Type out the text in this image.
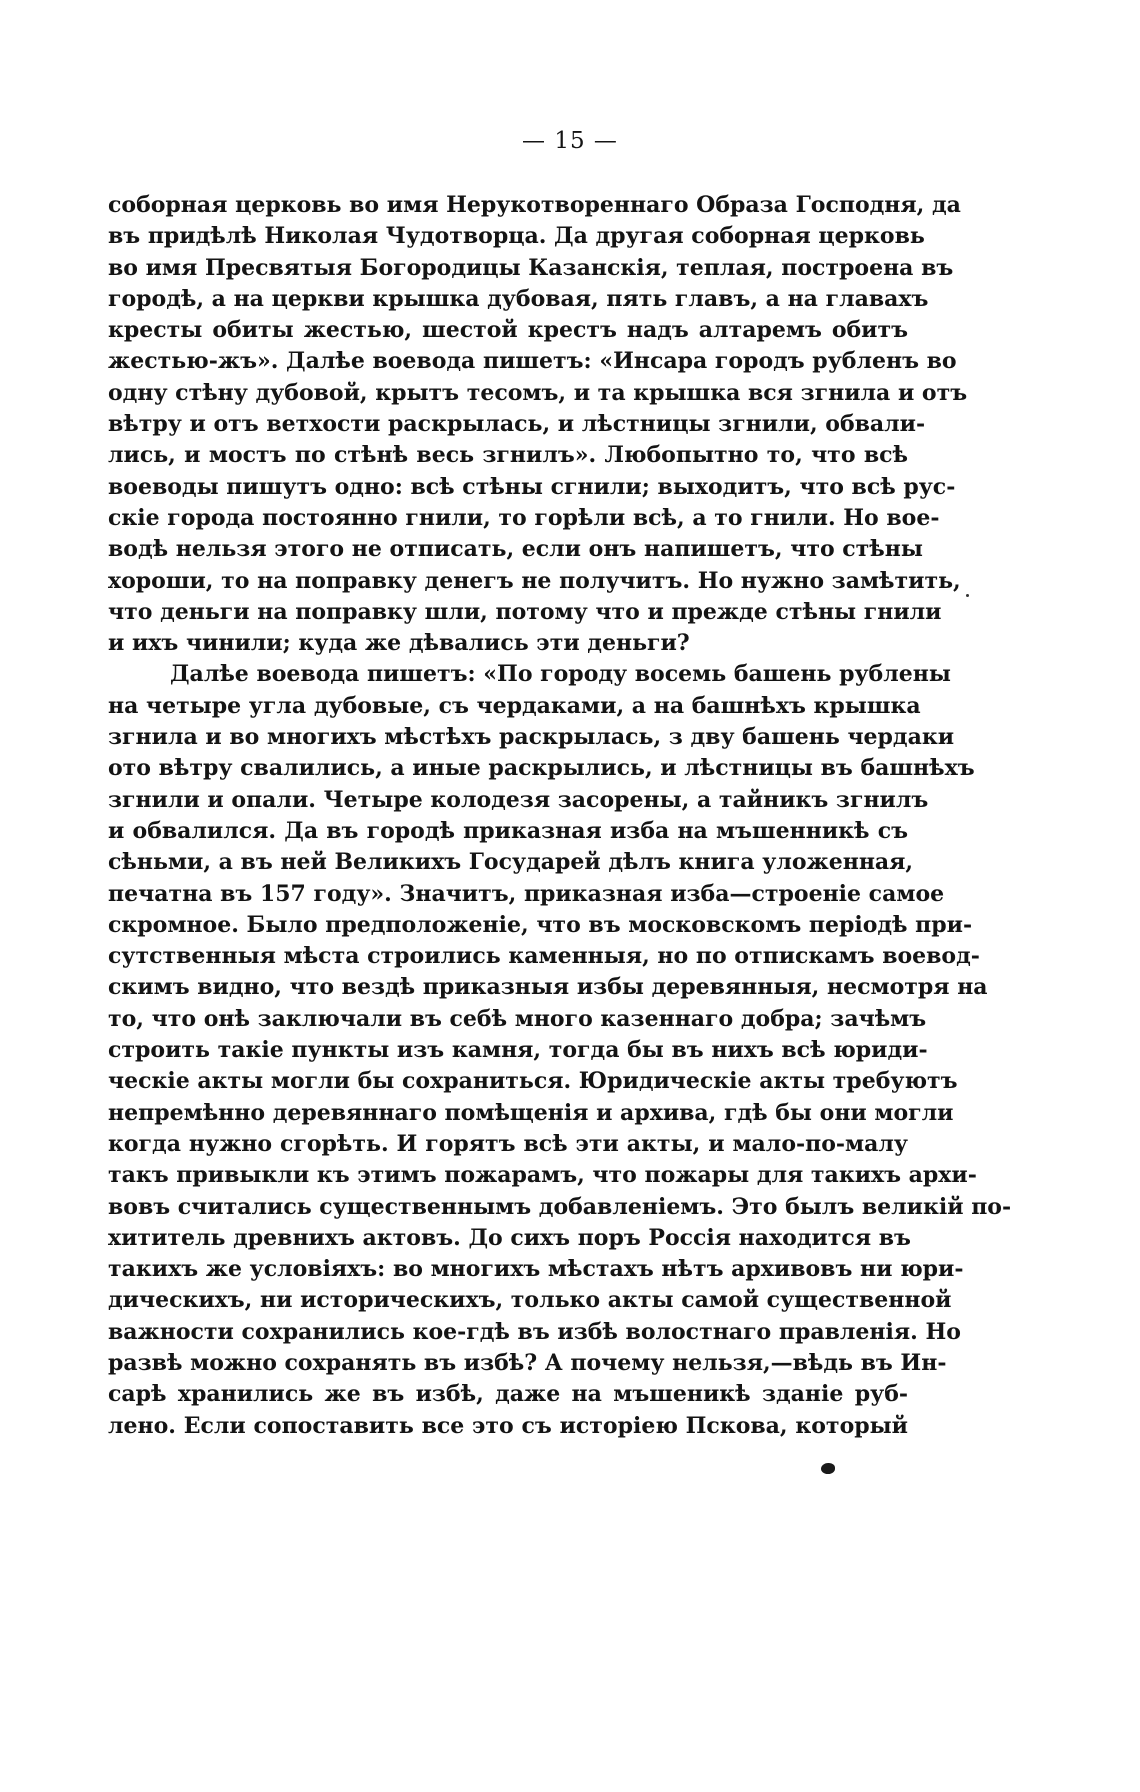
— 15 —

соборная церковь во имя Нерукотвореннаго Образа Господня, да
въ придѣлѣ Николая Чудотворца. Да другая соборная церковь
во имя Пресвятыя Богородицы Казанскія, теплая, построена въ
городѣ, а на церкви крышка дубовая, пять главъ, а на главахъ
кресты обиты жестью, шестой крестъ надъ алтаремъ обитъ
жестью-жъ». Далѣе воевода пишетъ: «Инсара городъ рубленъ во
одну стѣну дубовой, крытъ тесомъ, и та крышка вся згнила и отъ
вѣтру и отъ ветхости раскрылась, и лѣстницы згнили, обвали-
лись, и мостъ по стѣнѣ весь згнилъ». Любопытно то, что всѣ
воеводы пишутъ одно: всѣ стѣны сгнили; выходитъ, что всѣ рус-
скіе города постоянно гнили, то горѣли всѣ, а то гнили. Но вое-
водѣ нельзя этого не отписать, если онъ напишетъ, что стѣны
хороши, то на поправку денегъ не получитъ. Но нужно замѣтить,
что деньги на поправку шли, потому что и прежде стѣны гнили
и ихъ чинили; куда же дѣвались эти деньги?

Далѣе воевода пишетъ: «По городу восемь башень рублены
на четыре угла дубовые, съ чердаками, а на башнѣхъ крышка
згнила и во многихъ мѣстѣхъ раскрылась, з дву башень чердаки
ото вѣтру свалились, а иные раскрылись, и лѣстницы въ башнѣхъ
згнили и опали. Четыре колодезя засорены, а тайникъ згнилъ
и обвалился. Да въ городѣ приказная изба на мъшенникѣ съ
сѣньми, а въ ней Великихъ Государей дѣлъ книга уложенная,
печатна въ 157 году». Значитъ, приказная изба—строеніе самое
скромное. Было предположеніе, что въ московскомъ періодѣ при-
сутственныя мѣста строились каменныя, но по отпискамъ воевод-
скимъ видно, что вездѣ приказныя избы деревянныя, несмотря на
то, что онѣ заключали въ себѣ много казеннаго добра; зачѣмъ
строить такіе пункты изъ камня, тогда бы въ нихъ всѣ юриди-
ческіе акты могли бы сохраниться. Юридическіе акты требуютъ
непремѣнно деревяннаго помѣщенія и архива, гдѣ бы они могли
когда нужно сгорѣть. И горятъ всѣ эти акты, и мало-по-малу
такъ привыкли къ этимъ пожарамъ, что пожары для такихъ архи-
вовъ считались существеннымъ добавленіемъ. Это былъ великій по-
хититель древнихъ актовъ. До сихъ поръ Россія находится въ
такихъ же условіяхъ: во многихъ мѣстахъ нѣтъ архивовъ ни юри-
дическихъ, ни историческихъ, только акты самой существенной
важности сохранились кое-гдѣ въ избѣ волостнаго правленія. Но
развѣ можно сохранять въ избѣ? А почему нельзя,—вѣдь въ Ин-
сарѣ хранились же въ избѣ, даже на мъшеникѣ зданіе руб-
лено. Если сопоставить все это съ исторіею Пскова, который
